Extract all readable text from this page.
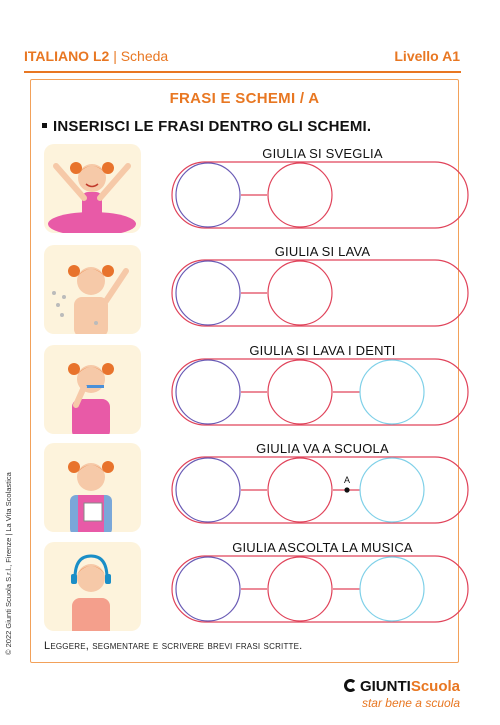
ITALIANO L2 | Scheda	Livello A1
FRASI E SCHEMI / A
INSERISCI LE FRASI DENTRO GLI SCHEMI.
GIULIA SI SVEGLIA
GIULIA SI LAVA
GIULIA SI LAVA I DENTI
GIULIA VA A SCUOLA
GIULIA ASCOLTA LA MUSICA
A
Leggere, segmentare e scrivere brevi frasi scritte.
© 2022 Giunti Scuola S.r.l., Firenze | La Vita Scolastica
GIUNTIScuola
star bene a scuola
